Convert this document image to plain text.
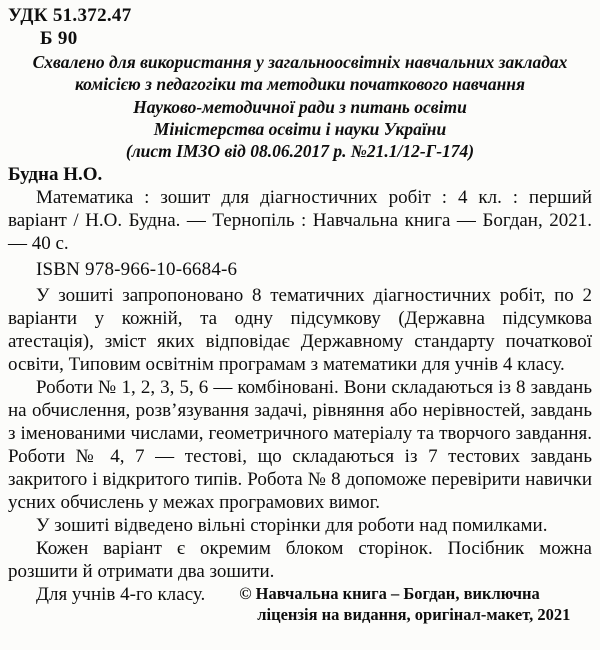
УДК 51.372.47
Б 90
Схвалено для використання у загальноосвітніх навчальних закладах
комісією з педагогіки та методики початкового навчання
Науково-методичної ради з питань освіти
Міністерства освіти і науки України
(лист ІМЗО від 08.06.2017 р. №21.1/12-Г-174)

Будна Н.О.

Математика : зошит для діагностичних робіт : 4 кл. : перший варіант / Н.О. Будна. — Тернопіль : Навчальна книга — Богдан, 2021. — 40 с.

ISBN 978-966-10-6684-6

У зошиті запропоновано 8 тематичних діагностичних робіт, по 2 варіанти у кожній, та одну підсумкову (Державна підсумкова атестація), зміст яких відповідає Державному стандарту початкової освіти, Типовим освітнім програмам з математики для учнів 4 класу.

Роботи № 1, 2, 3, 5, 6 — комбіновані. Вони складаються із 8 завдань на обчислення, розв’язування задачі, рівняння або нерівностей, завдань з іменованими числами, геометричного матеріалу та творчого завдання. Роботи № 4, 7 — тестові, що складаються із 7 тестових завдань закритого і відкритого типів. Робота № 8 допоможе перевірити навички усних обчислень у межах програмових вимог.

У зошиті відведено вільні сторінки для роботи над помилками.

Кожен варіант є окремим блоком сторінок. Посібник можна розшити й отримати два зошити.

Для учнів 4-го класу. © Навчальна книга – Богдан, виключна
ліцензія на видання, оригінал-макет, 2021
